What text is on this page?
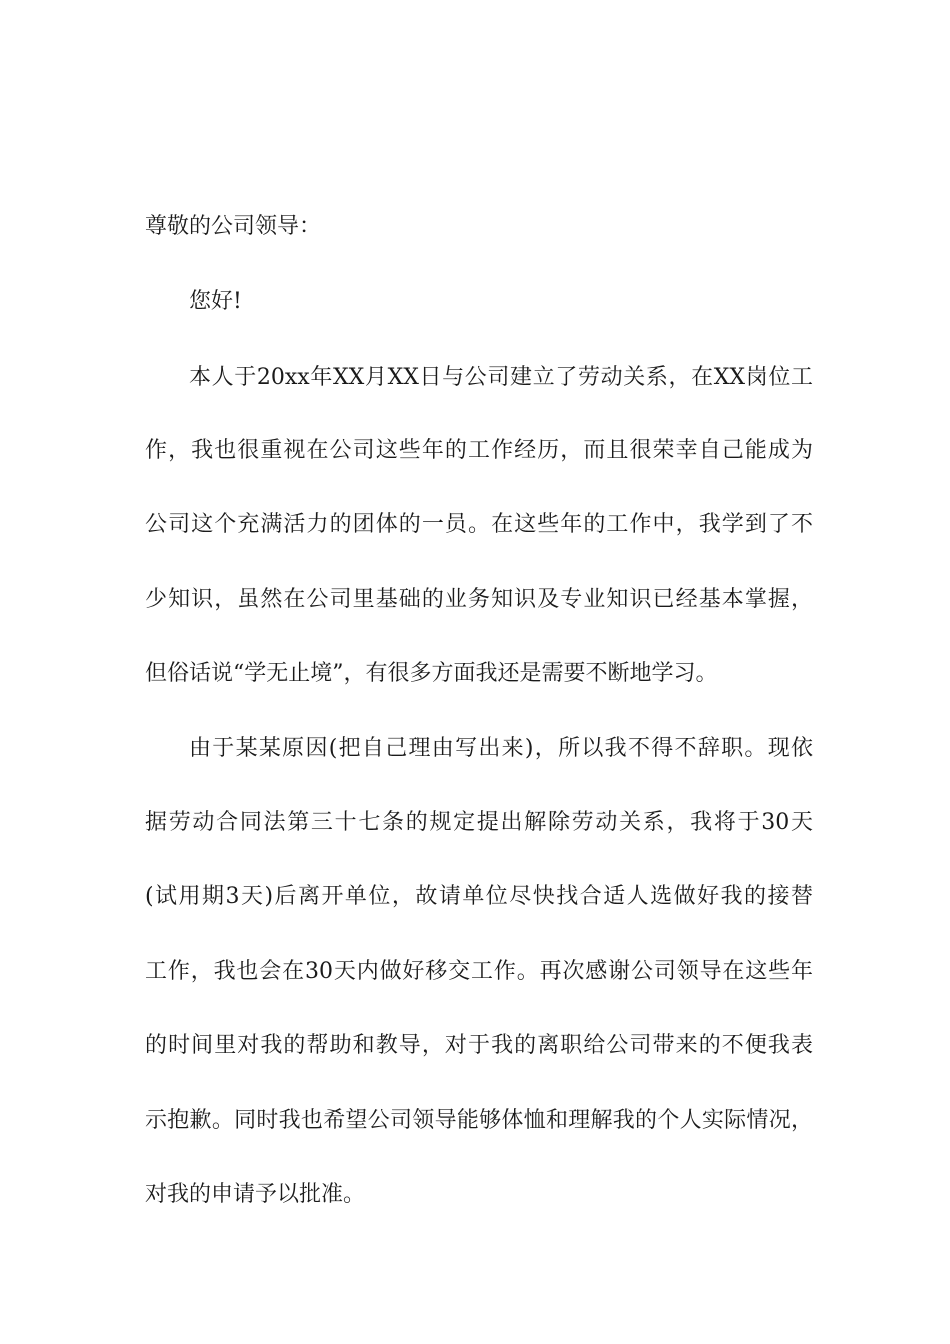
尊敬的公司领导：
您好!
本人于20xx年XX月XX日与公司建立了劳动关系，在XX岗位工
作，我也很重视在公司这些年的工作经历，而且很荣幸自己能成为
公司这个充满活力的团体的一员。在这些年的工作中，我学到了不
少知识，虽然在公司里基础的业务知识及专业知识已经基本掌握，
但俗话说“学无止境”，有很多方面我还是需要不断地学习。
由于某某原因(把自己理由写出来)，所以我不得不辞职。现依
据劳动合同法第三十七条的规定提出解除劳动关系，我将于30天
(试用期3天)后离开单位，故请单位尽快找合适人选做好我的接替
工作，我也会在30天内做好移交工作。再次感谢公司领导在这些年
的时间里对我的帮助和教导，对于我的离职给公司带来的不便我表
示抱歉。同时我也希望公司领导能够体恤和理解我的个人实际情况，
对我的申请予以批准。
